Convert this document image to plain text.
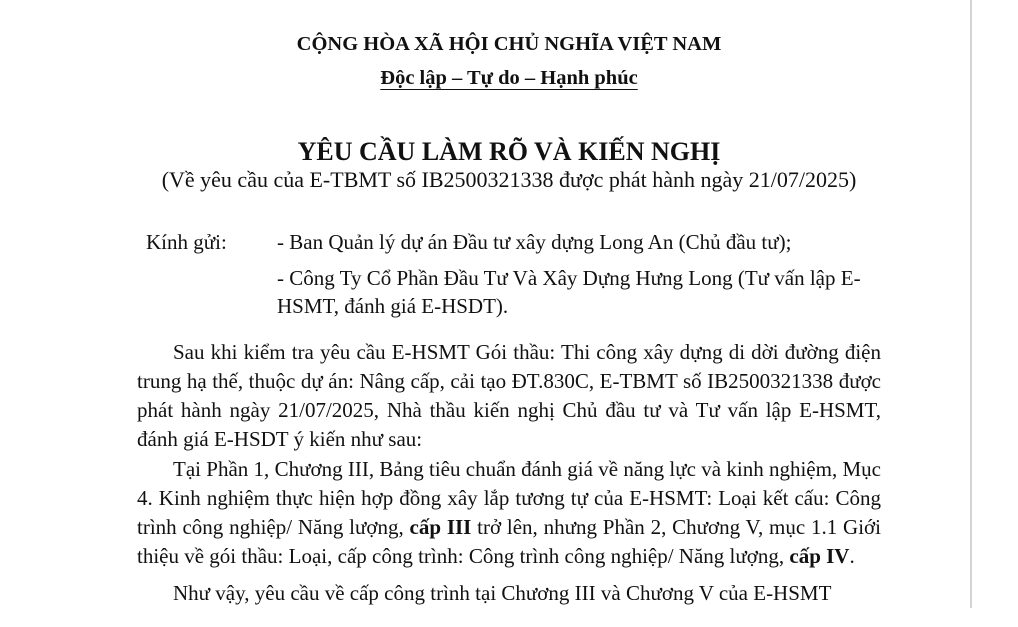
CỘNG HÒA XÃ HỘI CHỦ NGHĨA VIỆT NAM
Độc lập – Tự do – Hạnh phúc
YÊU CẦU LÀM RÕ VÀ KIẾN NGHỊ
(Về yêu cầu của E-TBMT số IB2500321338 được phát hành ngày 21/07/2025)
Kính gửi: - Ban Quản lý dự án Đầu tư xây dựng Long An (Chủ đầu tư);
- Công Ty Cổ Phần Đầu Tư Và Xây Dựng Hưng Long (Tư vấn lập E-HSMT, đánh giá E-HSDT).
Sau khi kiểm tra yêu cầu E-HSMT Gói thầu: Thi công xây dựng di dời đường điện trung hạ thế, thuộc dự án: Nâng cấp, cải tạo ĐT.830C, E-TBMT số IB2500321338 được phát hành ngày 21/07/2025, Nhà thầu kiến nghị Chủ đầu tư và Tư vấn lập E-HSMT, đánh giá E-HSDT ý kiến như sau:
Tại Phần 1, Chương III, Bảng tiêu chuẩn đánh giá về năng lực và kinh nghiệm, Mục 4. Kinh nghiệm thực hiện hợp đồng xây lắp tương tự của E-HSMT: Loại kết cấu: Công trình công nghiệp/ Năng lượng, cấp III trở lên, nhưng Phần 2, Chương V, mục 1.1 Giới thiệu về gói thầu: Loại, cấp công trình: Công trình công nghiệp/ Năng lượng, cấp IV.
Như vậy, yêu cầu về cấp công trình tại Chương III và Chương V của E-HSMT
